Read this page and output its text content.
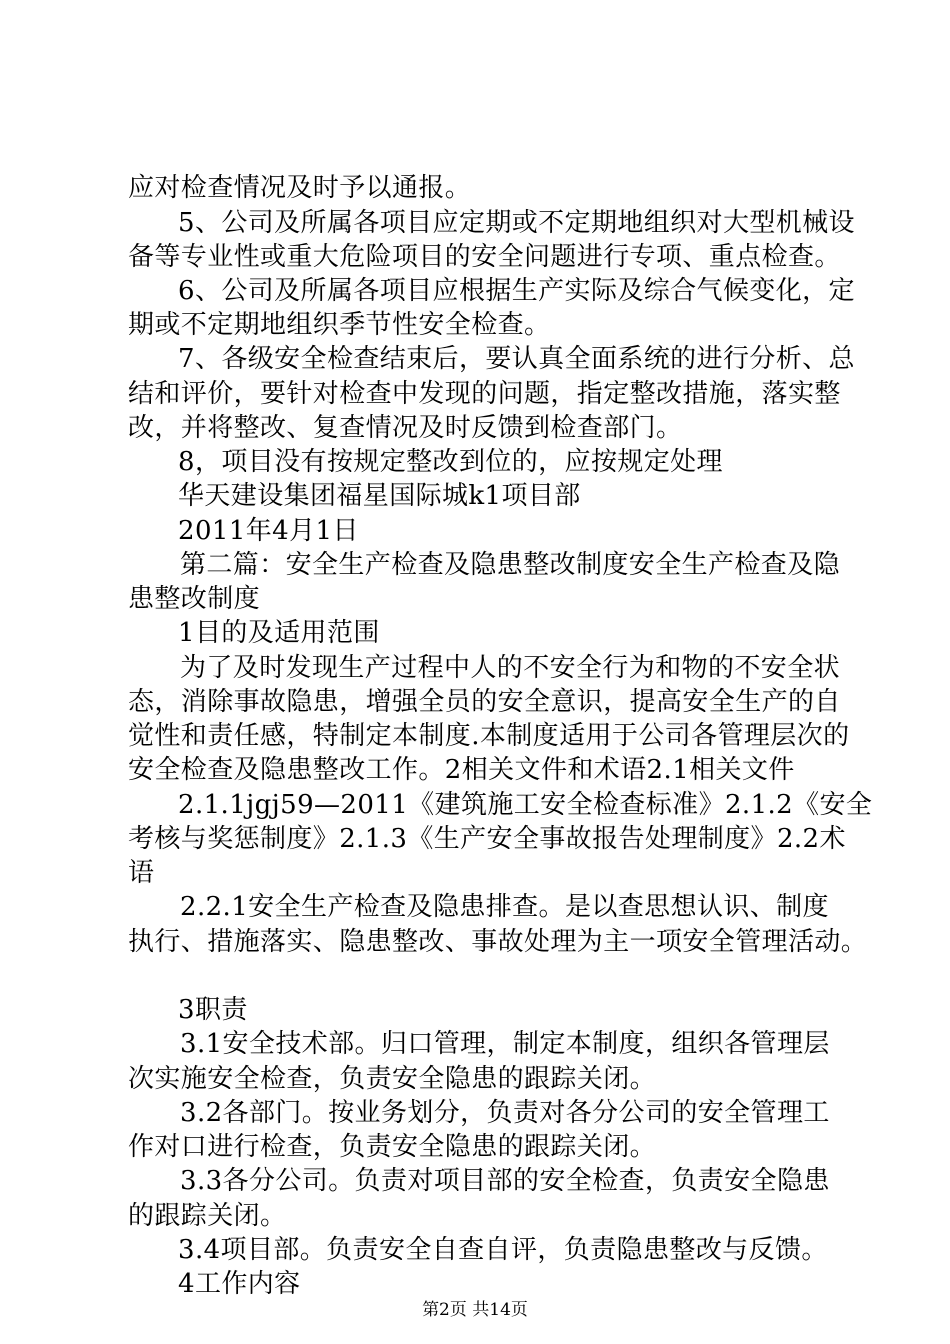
应对检查情况及时予以通报。
5、公司及所属各项目应定期或不定期地组织对大型机械设
备等专业性或重大危险项目的安全问题进行专项、重点检查。
6、公司及所属各项目应根据生产实际及综合气候变化，定
期或不定期地组织季节性安全检查。
7、各级安全检查结束后，要认真全面系统的进行分析、总
结和评价，要针对检查中发现的问题，指定整改措施，落实整
改，并将整改、复查情况及时反馈到检查部门。
8，项目没有按规定整改到位的，应按规定处理
华天建设集团福星国际城k1项目部
2011年4月1日
第二篇：安全生产检查及隐患整改制度安全生产检查及隐
患整改制度
1目的及适用范围
为了及时发现生产过程中人的不安全行为和物的不安全状
态，消除事故隐患，增强全员的安全意识，提高安全生产的自
觉性和责任感，特制定本制度.本制度适用于公司各管理层次的
安全检查及隐患整改工作。2相关文件和术语2.1相关文件
2.1.1jgj59—2011《建筑施工安全检查标准》2.1.2《安全
考核与奖惩制度》2.1.3《生产安全事故报告处理制度》2.2术
语
2.2.1安全生产检查及隐患排查。是以查思想认识、制度
执行、措施落实、隐患整改、事故处理为主一项安全管理活动。
3职责
3.1安全技术部。归口管理，制定本制度，组织各管理层
次实施安全检查，负责安全隐患的跟踪关闭。
3.2各部门。按业务划分，负责对各分公司的安全管理工
作对口进行检查，负责安全隐患的跟踪关闭。
3.3各分公司。负责对项目部的安全检查，负责安全隐患
的跟踪关闭。
3.4项目部。负责安全自查自评，负责隐患整改与反馈。
4工作内容
第2页 共14页
